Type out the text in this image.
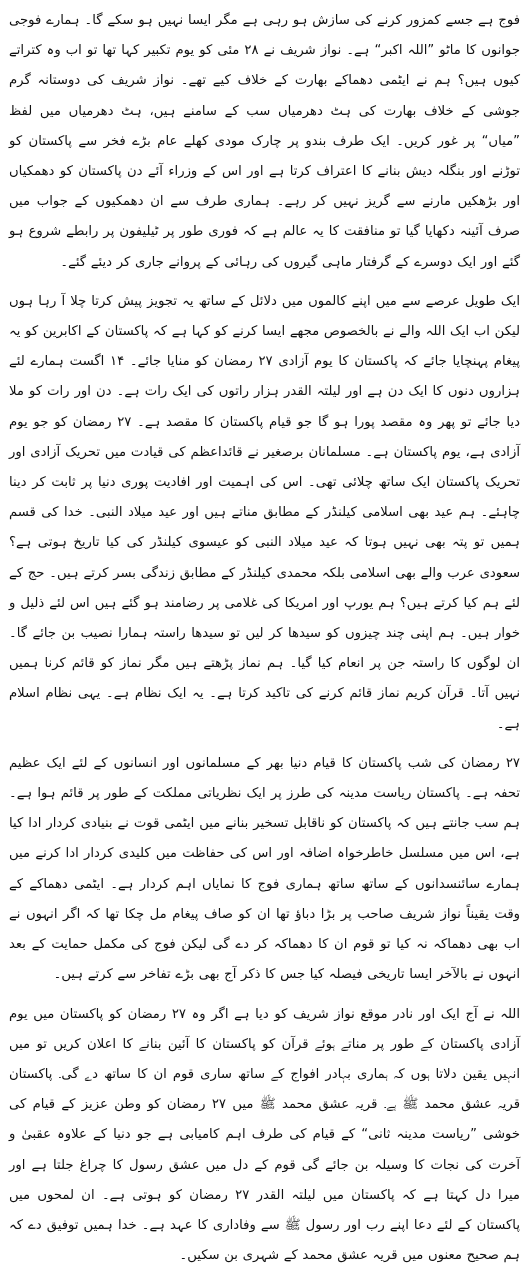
فوج ہے جسے کمزور کرنے کی سازش ہو رہی ہے مگر ایسا نہیں ہو سکے گا۔ ہمارے فوجی جوانوں کا ماٹو ”اللہ اکبر“ ہے۔ نواز شریف نے ۲۸ مئی کو یوم تکبیر کہا تھا تو اب وہ کتراتے کیوں ہیں؟ ہم نے ایٹمی دھماکے بھارت کے خلاف کیے تھے۔ نواز شریف کی دوستانہ گرم جوشی کے خلاف بھارت کی ہٹ دھرمیاں سب کے سامنے ہیں، ہٹ دھرمیاں میں لفظ ”میاں“ پر غور کریں۔ ایک طرف بندو پر چارک مودی کھلے عام بڑے فخر سے پاکستان کو توڑنے اور بنگلہ دیش بنانے کا اعتراف کرتا ہے اور اس کے وزراء آئے دن پاکستان کو دھمکیاں اور بڑھکیں مارنے سے گریز نہیں کر رہے۔ ہماری طرف سے ان دھمکیوں کے جواب میں صرف آئینہ دکھایا گیا تو منافقت کا یہ عالم ہے کہ فوری طور پر ٹیلیفون پر رابطے شروع ہو گئے اور ایک دوسرے کے گرفتار ماہی گیروں کی رہائی کے پروانے جاری کر دیئے گئے۔

ایک طویل عرصے سے میں اپنے کالموں میں دلائل کے ساتھ یہ تجویز پیش کرتا چلا آ رہا ہوں لیکن اب ایک اللہ والے نے بالخصوص مجھے ایسا کرنے کو کہا ہے کہ پاکستان کے اکابرین کو یہ پیغام پہنچایا جائے کہ پاکستان کا یوم آزادی ۲۷ رمضان کو منایا جائے۔ ۱۴ اگست ہمارے لئے ہزاروں دنوں کا ایک دن ہے اور لیلتہ القدر ہزار راتوں کی ایک رات ہے۔ دن اور رات کو ملا دیا جائے تو پھر وہ مقصد پورا ہو گا جو قیام پاکستان کا مقصد ہے۔ ۲۷ رمضان کو جو یوم آزادی ہے، یوم پاکستان ہے۔ مسلمانان برصغیر نے قائداعظم کی قیادت میں تحریک آزادی اور تحریک پاکستان ایک ساتھ چلائی تھی۔ اس کی اہمیت اور افادیت پوری دنیا پر ثابت کر دینا چاہئے۔ ہم عید بھی اسلامی کیلنڈر کے مطابق مناتے ہیں اور عید میلاد النبی۔ خدا کی قسم ہمیں تو پتہ بھی نہیں ہوتا کہ عید میلاد النبی کو عیسوی کیلنڈر کی کیا تاریخ ہوتی ہے؟ سعودی عرب والے بھی اسلامی بلکہ محمدی کیلنڈر کے مطابق زندگی بسر کرتے ہیں۔ حج کے لئے ہم کیا کرتے ہیں؟ ہم یورپ اور امریکا کی غلامی پر رضامند ہو گئے ہیں اس لئے ذلیل و خوار ہیں۔ ہم اپنی چند چیزوں کو سیدھا کر لیں تو سیدھا راستہ ہمارا نصیب بن جائے گا۔ ان لوگوں کا راستہ جن پر انعام کیا گیا۔ ہم نماز پڑھتے ہیں مگر نماز کو قائم کرنا ہمیں نہیں آتا۔ قرآن کریم نماز قائم کرنے کی تاکید کرتا ہے۔ یہ ایک نظام ہے۔ یہی نظام اسلام ہے۔

۲۷ رمضان کی شب پاکستان کا قیام دنیا بھر کے مسلمانوں اور انسانوں کے لئے ایک عظیم تحفہ ہے۔ پاکستان ریاست مدینہ کی طرز پر ایک نظریاتی مملکت کے طور پر قائم ہوا ہے۔ ہم سب جانتے ہیں کہ پاکستان کو ناقابل تسخیر بنانے میں ایٹمی قوت نے بنیادی کردار ادا کیا ہے، اس میں مسلسل خاطرخواہ اضافہ اور اس کی حفاظت میں کلیدی کردار ادا کرنے میں ہمارے سائنسدانوں کے ساتھ ساتھ ہماری فوج کا نمایاں اہم کردار ہے۔ ایٹمی دھماکے کے وقت یقیناً نواز شریف صاحب پر بڑا دباؤ تھا ان کو صاف پیغام مل چکا تھا کہ اگر انہوں نے اب بھی دھماکہ نہ کیا تو قوم ان کا دھماکہ کر دے گی لیکن فوج کی مکمل حمایت کے بعد انہوں نے بالآخر ایسا تاریخی فیصلہ کیا جس کا ذکر آج بھی بڑے تفاخر سے کرتے ہیں۔

اللہ نے آج ایک اور نادر موقع نواز شریف کو دیا ہے اگر وہ ۲۷ رمضان کو پاکستان میں یوم آزادی پاکستان کے طور پر مناتے ہوئے قرآن کو پاکستان کا آئین بنانے کا اعلان کریں تو میں انہیں یقین دلاتا ہوں کہ ہماری بہادر افواج کے ساتھ ساری قوم ان کا ساتھ دے گی۔ پاکستان قریہ عشق محمد ﷺ ہے۔ قریہ عشق محمد ﷺ میں ۲۷ رمضان کو وطن عزیز کے قیام کی خوشی ”ریاست مدینہ ثانی“ کے قیام کی طرف اہم کامیابی ہے جو دنیا کے علاوہ عقبیٰ و آخرت کی نجات کا وسیلہ بن جائے گی قوم کے دل میں عشق رسول کا چراغ جلتا ہے اور میرا دل کہتا ہے کہ پاکستان میں لیلتہ القدر ۲۷ رمضان کو ہوتی ہے۔ ان لمحوں میں پاکستان کے لئے دعا اپنے رب اور رسول ﷺ سے وفاداری کا عہد ہے۔ خدا ہمیں توفیق دے کہ ہم صحیح معنوں میں قریہ عشق محمد کے شہری بن سکیں۔
